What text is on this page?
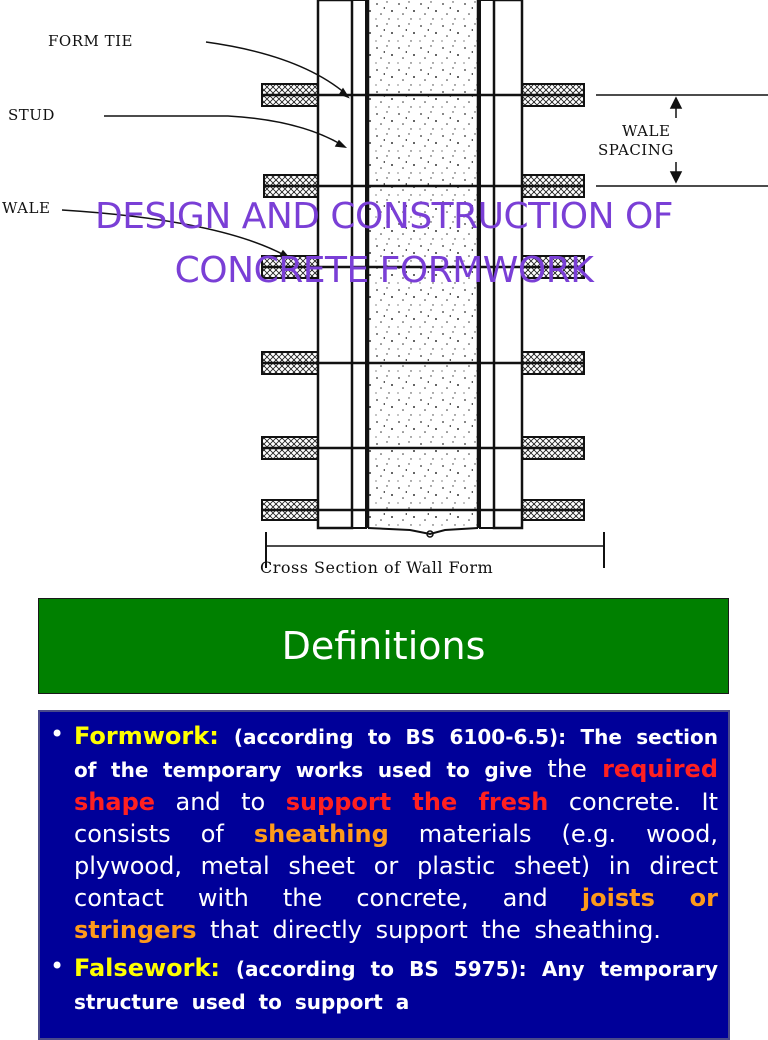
FORM TIE
STUD
WALE
WALE
SPACING
Cross Section of Wall Form
DESIGN AND CONSTRUCTION OF
CONCRETE FORMWORK
Definitions
• Formwork: (according to BS 6100-6.5): The section of the temporary works used to give the required shape and to support the fresh concrete. It consists of sheathing materials (e.g. wood, plywood, metal sheet or plastic sheet) in direct contact with the concrete, and joists or stringers that directly support the sheathing.

• Falsework: (according to BS 5975): Any temporary structure used to support a
